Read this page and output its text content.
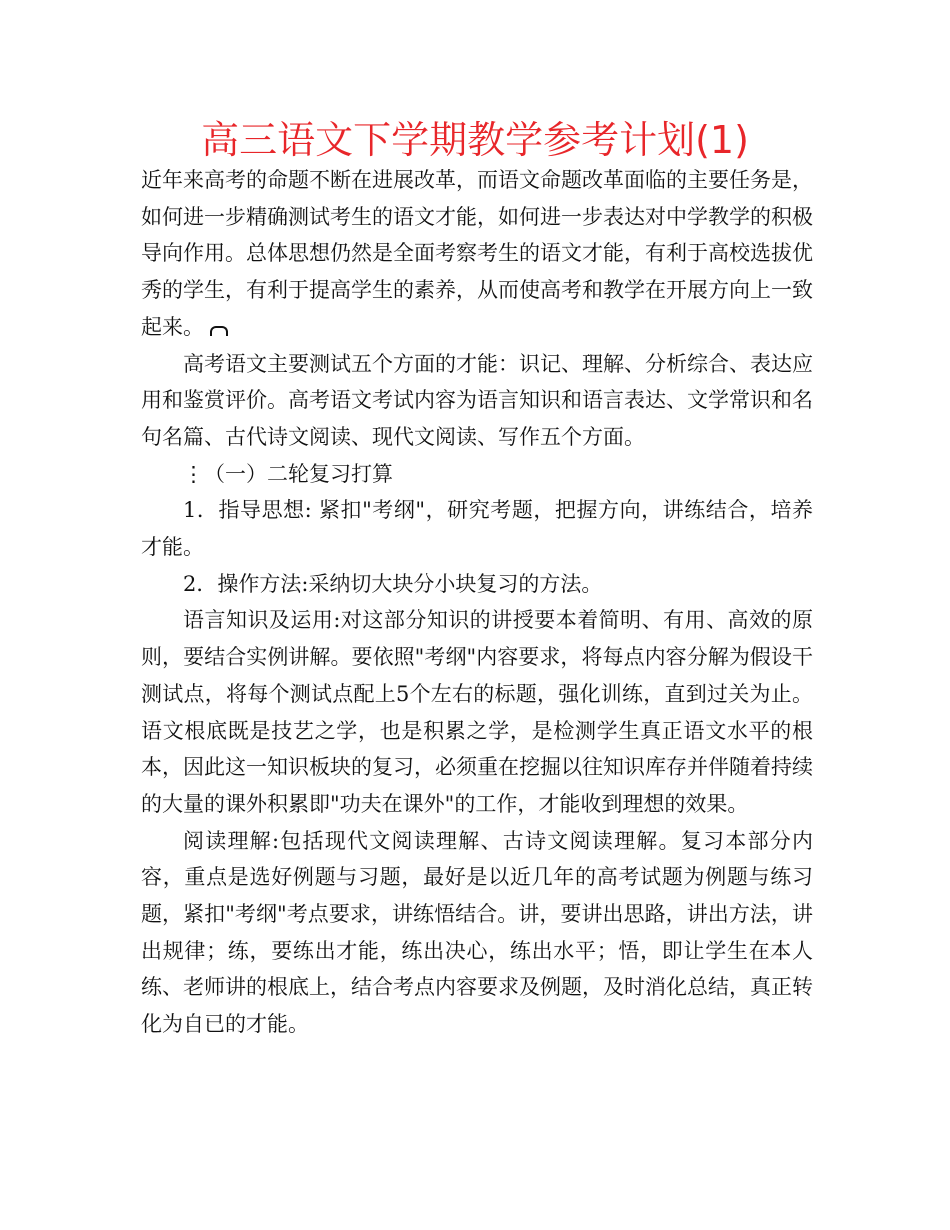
高三语文下学期教学参考计划(1)

近年来高考的命题不断在进展改革，而语文命题改革面临的主要任务是，如何进一步精确测试考生的语文才能，如何进一步表达对中学教学的积极导向作用。总体思想仍然是全面考察考生的语文才能，有利于高校选拔优秀的学生，有利于提高学生的素养，从而使高考和教学在开展方向上一致起来。

高考语文主要测试五个方面的才能：识记、理解、分析综合、表达应用和鉴赏评价。高考语文考试内容为语言知识和语言表达、文学常识和名句名篇、古代诗文阅读、现代文阅读、写作五个方面。

⋮（一）二轮复习打算

1．指导思想: 紧扣"考纲"，研究考题，把握方向，讲练结合，培养才能。

2．操作方法:采纳切大块分小块复习的方法。

语言知识及运用:对这部分知识的讲授要本着简明、有用、高效的原则，要结合实例讲解。要依照"考纲"内容要求，将每点内容分解为假设干测试点，将每个测试点配上5个左右的标题，强化训练，直到过关为止。语文根底既是技艺之学，也是积累之学，是检测学生真正语文水平的根本，因此这一知识板块的复习，必须重在挖掘以往知识库存并伴随着持续的大量的课外积累即"功夫在课外"的工作，才能收到理想的效果。

阅读理解:包括现代文阅读理解、古诗文阅读理解。复习本部分内容，重点是选好例题与习题，最好是以近几年的高考试题为例题与练习题，紧扣"考纲"考点要求，讲练悟结合。讲，要讲出思路，讲出方法，讲出规律；练，要练出才能，练出决心，练出水平；悟，即让学生在本人练、老师讲的根底上，结合考点内容要求及例题，及时消化总结，真正转化为自已的才能。
